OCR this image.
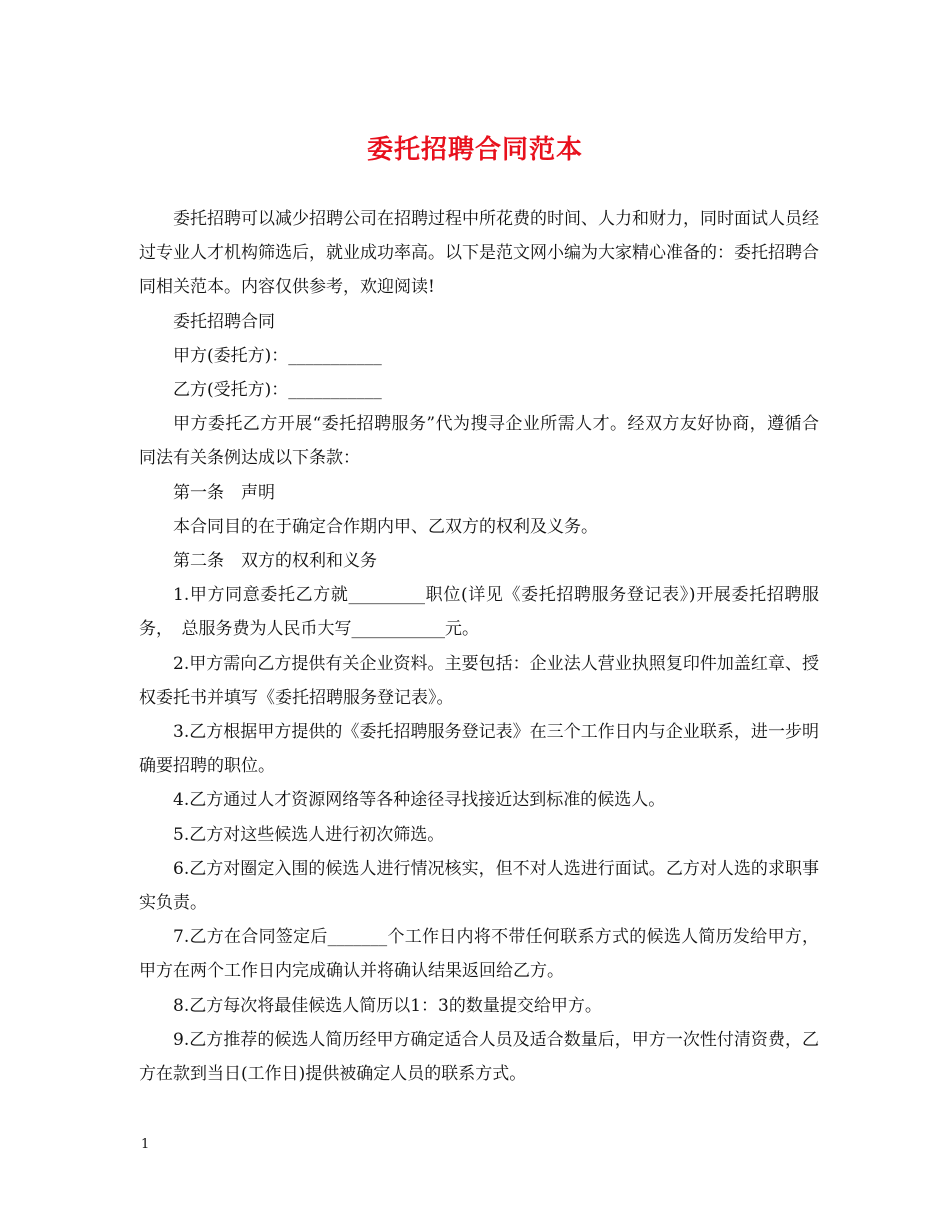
委托招聘合同范本

委托招聘可以减少招聘公司在招聘过程中所花费的时间、人力和财力，同时面试人员经过专业人才机构筛选后，就业成功率高。以下是范文网小编为大家精心准备的：委托招聘合同相关范本。内容仅供参考，欢迎阅读!

委托招聘合同

甲方(委托方)：___________

乙方(受托方)：___________

甲方委托乙方开展“委托招聘服务”代为搜寻企业所需人才。经双方友好协商，遵循合同法有关条例达成以下条款：

第一条　声明

本合同目的在于确定合作期内甲、乙双方的权利及义务。

第二条　双方的权利和义务

1.甲方同意委托乙方就_________职位(详见《委托招聘服务登记表》)开展委托招聘服务，　总服务费为人民币大写___________元。

2.甲方需向乙方提供有关企业资料。主要包括：企业法人营业执照复印件加盖红章、授权委托书并填写《委托招聘服务登记表》。

3.乙方根据甲方提供的《委托招聘服务登记表》在三个工作日内与企业联系，进一步明确要招聘的职位。

4.乙方通过人才资源网络等各种途径寻找接近达到标准的候选人。

5.乙方对这些候选人进行初次筛选。

6.乙方对圈定入围的候选人进行情况核实，但不对人选进行面试。乙方对人选的求职事实负责。

7.乙方在合同签定后_______个工作日内将不带任何联系方式的候选人简历发给甲方，甲方在两个工作日内完成确认并将确认结果返回给乙方。

8.乙方每次将最佳候选人简历以1：3的数量提交给甲方。

9.乙方推荐的候选人简历经甲方确定适合人员及适合数量后，甲方一次性付清资费，乙方在款到当日(工作日)提供被确定人员的联系方式。

1
